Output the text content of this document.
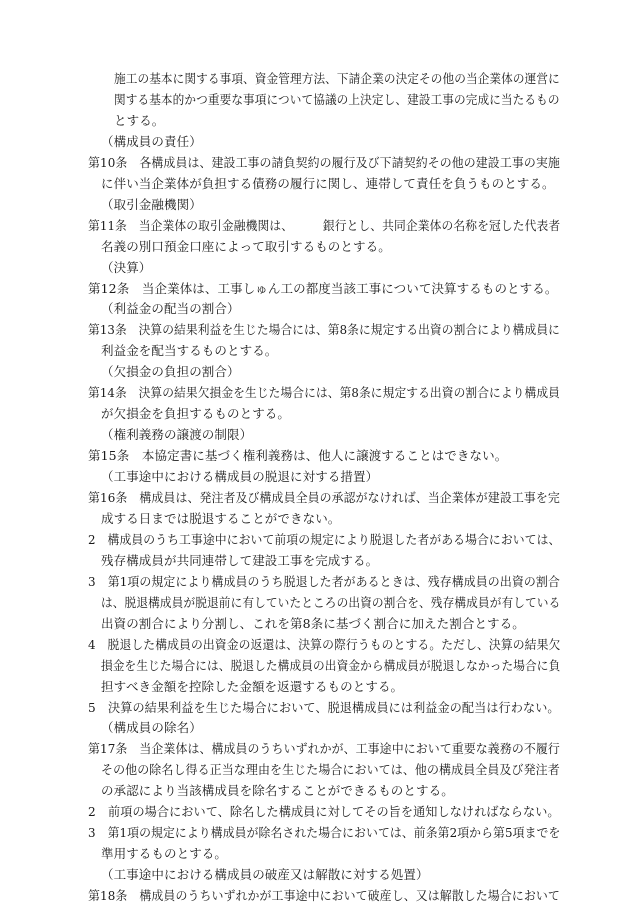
施工の基本に関する事項、資金管理方法、下請企業の決定その他の当企業体の運営に
関する基本的かつ重要な事項について協議の上決定し、建設工事の完成に当たるもの
とする。
（構成員の責任）
第10条　各構成員は、建設工事の請負契約の履行及び下請契約その他の建設工事の実施
に伴い当企業体が負担する債務の履行に関し、連帯して責任を負うものとする。
（取引金融機関）
第11条　当企業体の取引金融機関は、　　　銀行とし、共同企業体の名称を冠した代表者
名義の別口預金口座によって取引するものとする。
（決算）
第12条　当企業体は、工事しゅん工の都度当該工事について決算するものとする。
（利益金の配当の割合）
第13条　決算の結果利益を生じた場合には、第8条に規定する出資の割合により構成員に
利益金を配当するものとする。
（欠損金の負担の割合）
第14条　決算の結果欠損金を生じた場合には、第8条に規定する出資の割合により構成員
が欠損金を負担するものとする。
（権利義務の譲渡の制限）
第15条　本協定書に基づく権利義務は、他人に譲渡することはできない。
（工事途中における構成員の脱退に対する措置）
第16条　構成員は、発注者及び構成員全員の承認がなければ、当企業体が建設工事を完
成する日までは脱退することができない。
2　構成員のうち工事途中において前項の規定により脱退した者がある場合においては、
残存構成員が共同連帯して建設工事を完成する。
3　第1項の規定により構成員のうち脱退した者があるときは、残存構成員の出資の割合
は、脱退構成員が脱退前に有していたところの出資の割合を、残存構成員が有している
出資の割合により分割し、これを第8条に基づく割合に加えた割合とする。
4　脱退した構成員の出資金の返還は、決算の際行うものとする。ただし、決算の結果欠
損金を生じた場合には、脱退した構成員の出資金から構成員が脱退しなかった場合に負
担すべき金額を控除した金額を返還するものとする。
5　決算の結果利益を生じた場合において、脱退構成員には利益金の配当は行わない。
（構成員の除名）
第17条　当企業体は、構成員のうちいずれかが、工事途中において重要な義務の不履行
その他の除名し得る正当な理由を生じた場合においては、他の構成員全員及び発注者
の承認により当該構成員を除名することができるものとする。
2　前項の場合において、除名した構成員に対してその旨を通知しなければならない。
3　第1項の規定により構成員が除名された場合においては、前条第2項から第5項までを
準用するものとする。
（工事途中における構成員の破産又は解散に対する処置）
第18条　構成員のうちいずれかが工事途中において破産し、又は解散した場合において
